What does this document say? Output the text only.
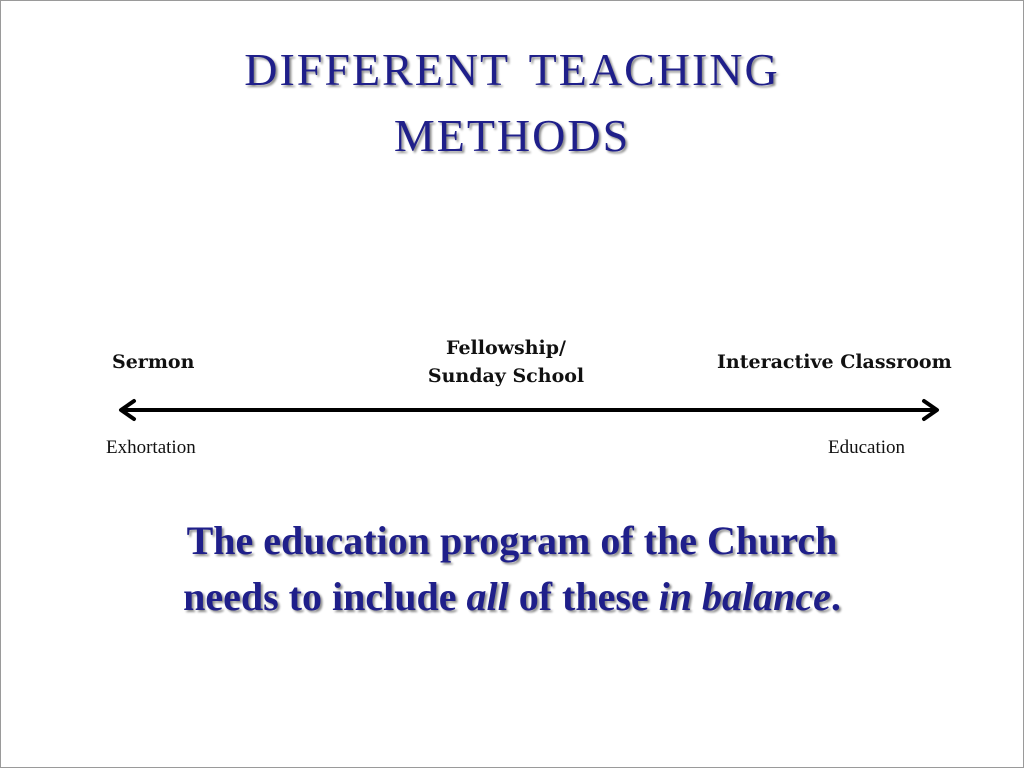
different teaching
methods
Sermon
Fellowship/
Sunday School
Interactive Classroom
Exhortation	Education
The education program of the Church needs to include all of these in balance.
